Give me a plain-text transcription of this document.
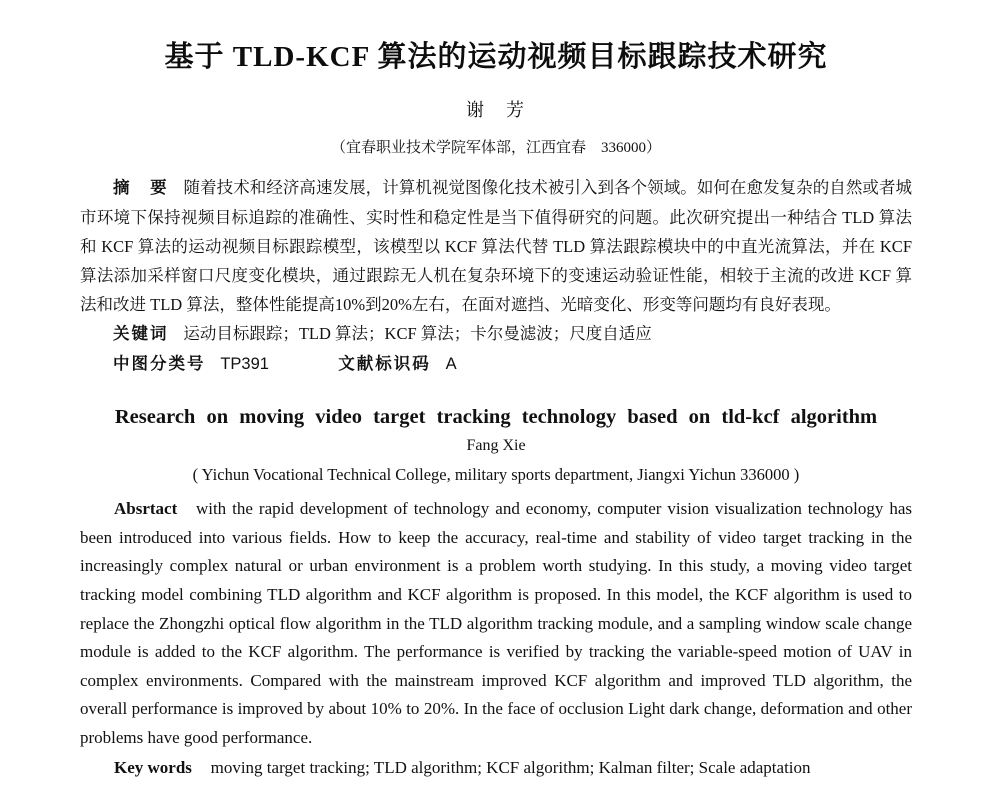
基于 TLD-KCF 算法的运动视频目标跟踪技术研究
谢　芳
（宜春职业技术学院军体部，江西宜春　336000）

摘　要 随着技术和经济高速发展，计算机视觉图像化技术被引入到各个领域。如何在愈发复杂的自然或者城市环境下保持视频目标追踪的准确性、实时性和稳定性是当下值得研究的问题。此次研究提出一种结合 TLD 算法和 KCF 算法的运动视频目标跟踪模型，该模型以 KCF 算法代替 TLD 算法跟踪模块中的中直光流算法，并在 KCF 算法添加采样窗口尺度变化模块，通过跟踪无人机在复杂环境下的变速运动验证性能，相较于主流的改进 KCF 算法和改进 TLD 算法，整体性能提高10%到20%左右，在面对遮挡、光暗变化、形变等问题均有良好表现。

关键词 运动目标跟踪；TLD 算法；KCF 算法；卡尔曼滤波；尺度自适应

中图分类号 TP391	文献标识码 A

Research on moving video target tracking technology based on tld-kcf algorithm
Fang Xie
( Yichun Vocational Technical College, military sports department, Jiangxi Yichun 336000 )

Absrtact with the rapid development of technology and economy, computer vision visualization technology has been introduced into various fields. How to keep the accuracy, real-time and stability of video target tracking in the increasingly complex natural or urban environment is a problem worth studying. In this study, a moving video target tracking model combining TLD algorithm and KCF algorithm is proposed. In this model, the KCF algorithm is used to replace the Zhongzhi optical flow algorithm in the TLD algorithm tracking module, and a sampling window scale change module is added to the KCF algorithm. The performance is verified by tracking the variable-speed motion of UAV in complex environments. Compared with the mainstream improved KCF algorithm and improved TLD algorithm, the overall performance is improved by about 10% to 20%. In the face of occlusion Light dark change, deformation and other problems have good performance.

Key words moving target tracking; TLD algorithm; KCF algorithm; Kalman filter; Scale adaptation
